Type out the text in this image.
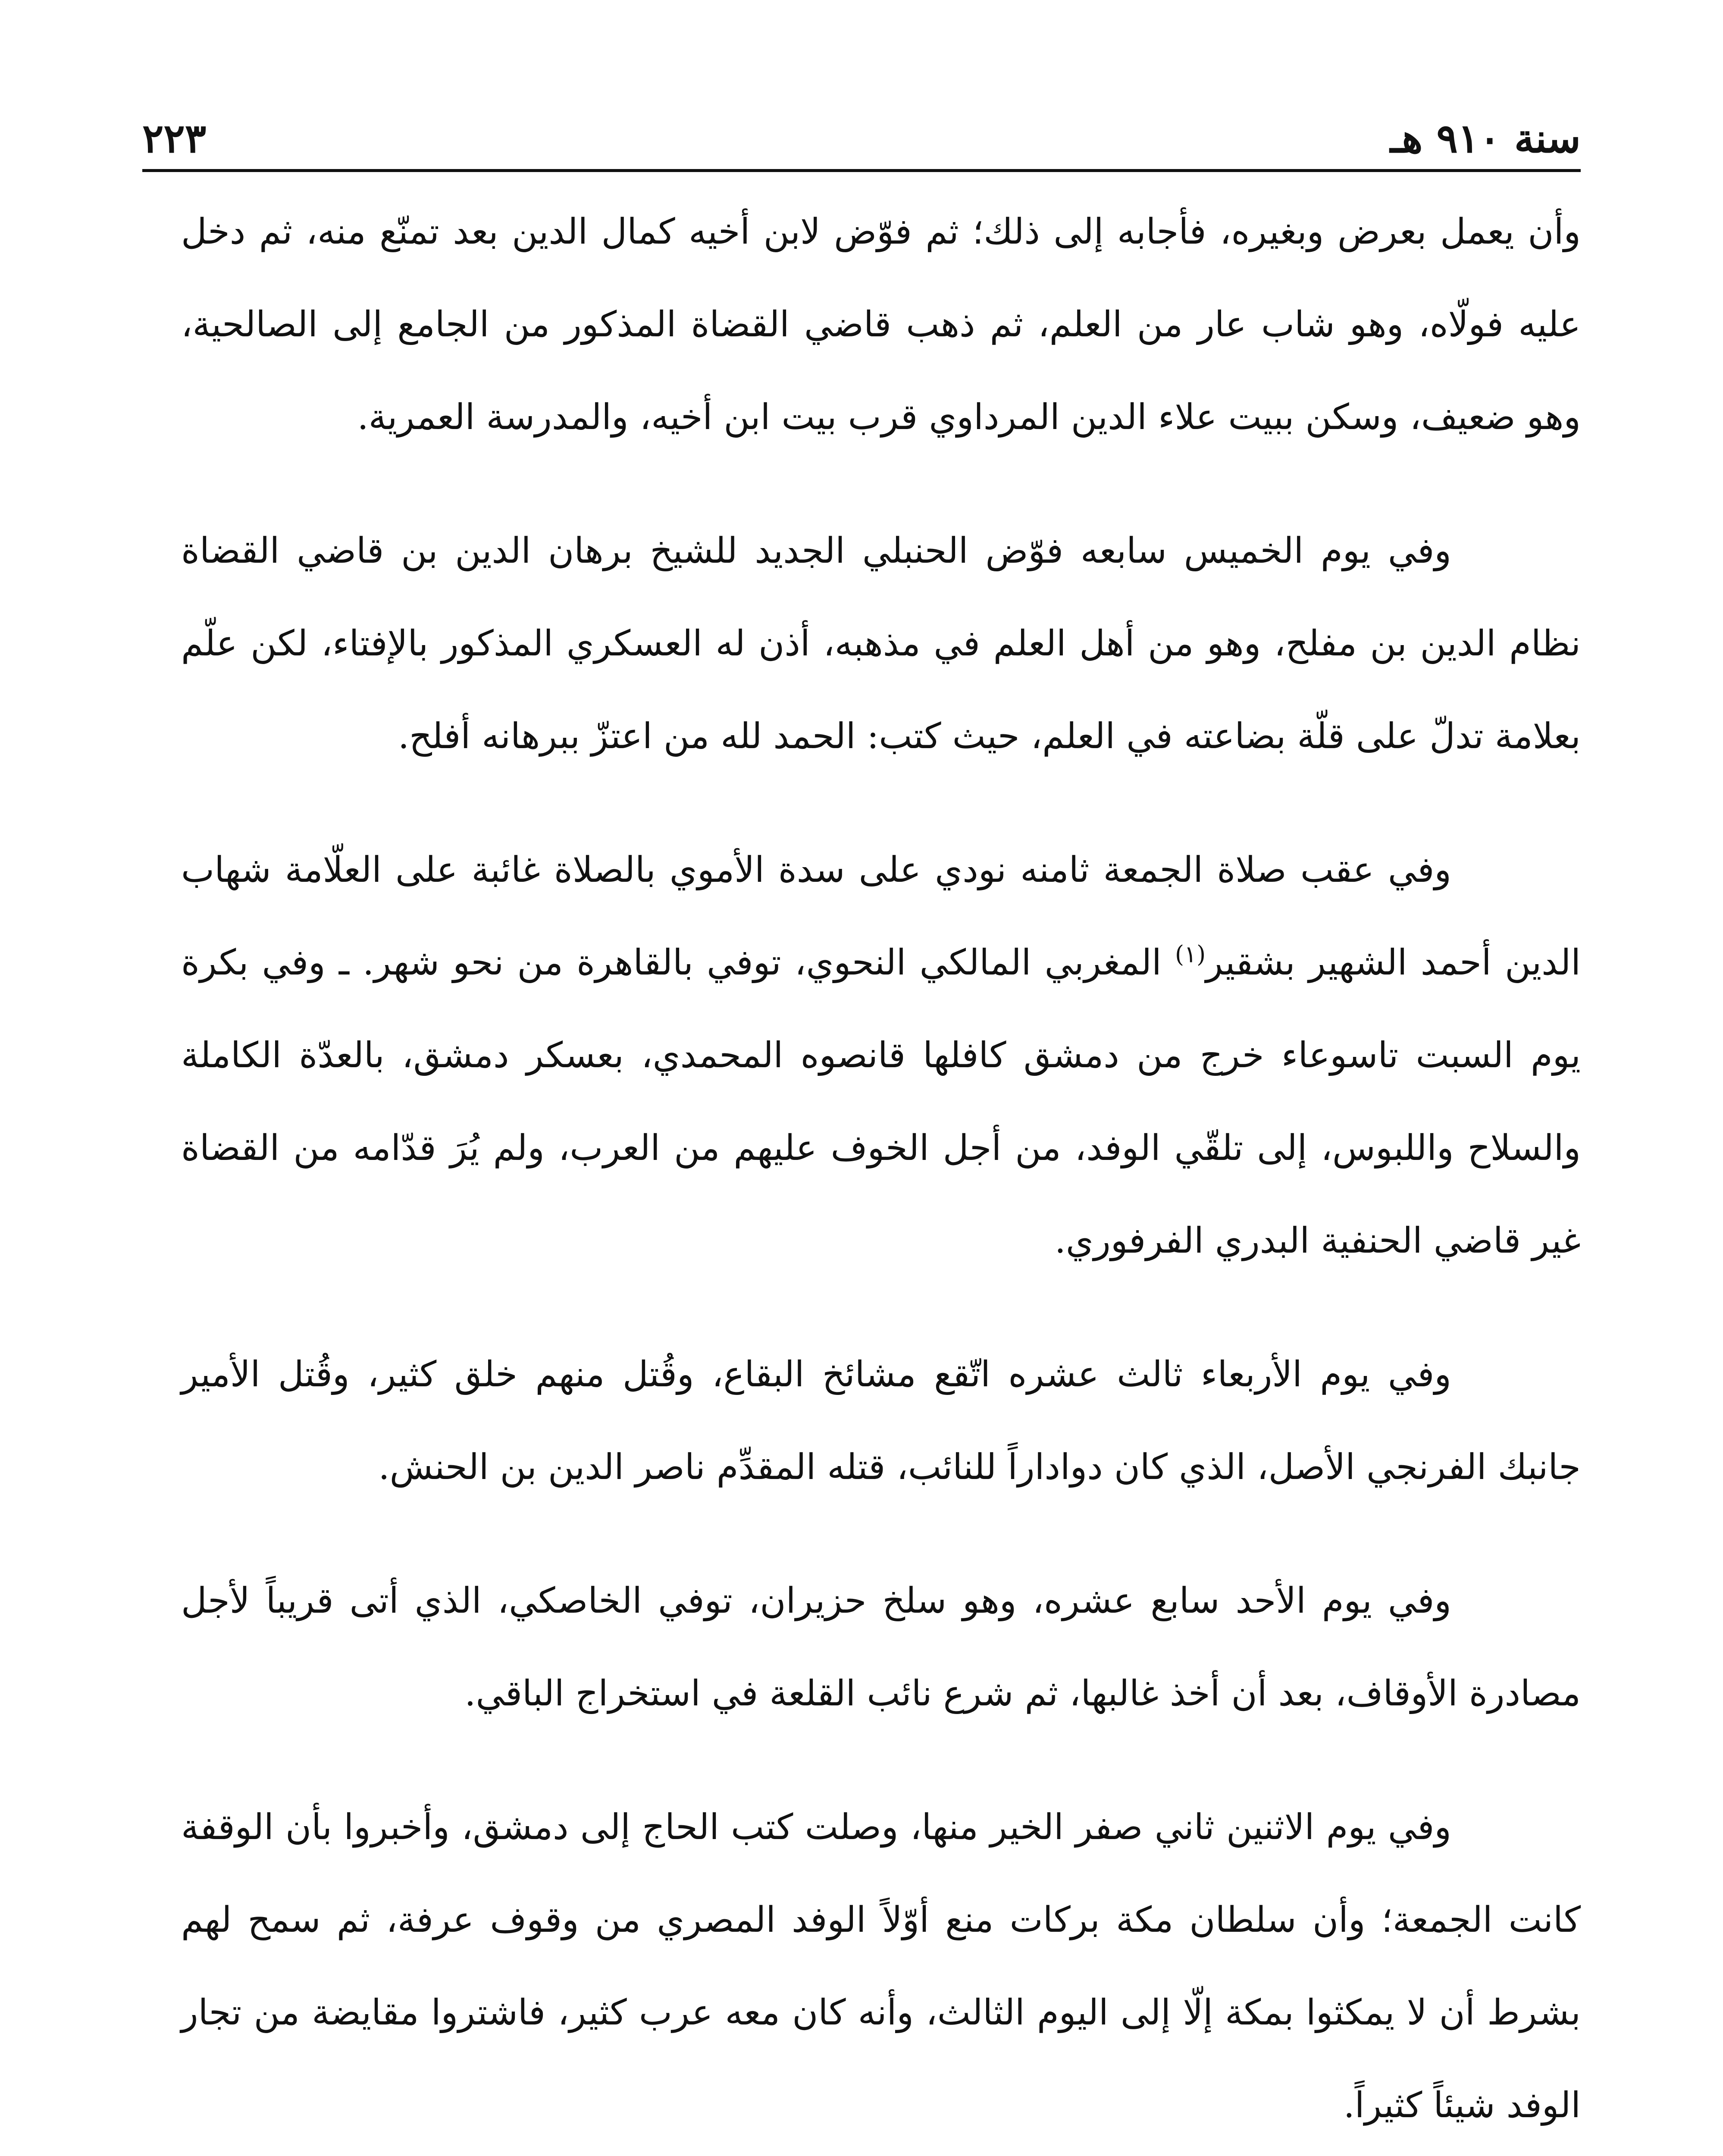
سنة ٩١٠ هـ
٢٢٣

وأن يعمل بعرض وبغيره، فأجابه إلى ذلك؛ ثم فوّض لابن أخيه كمال الدين بعد تمنّع منه، ثم دخل عليه فولّاه، وهو شاب عار من العلم، ثم ذهب قاضي القضاة المذكور من الجامع إلى الصالحية، وهو ضعيف، وسكن ببيت علاء الدين المرداوي قرب بيت ابن أخيه، والمدرسة العمرية.

وفي يوم الخميس سابعه فوّض الحنبلي الجديد للشيخ برهان الدين بن قاضي القضاة نظام الدين بن مفلح، وهو من أهل العلم في مذهبه، أذن له العسكري المذكور بالإفتاء، لكن علّم بعلامة تدلّ على قلّة بضاعته في العلم، حيث كتب: الحمد لله من اعتزّ ببرهانه أفلح.

وفي عقب صلاة الجمعة ثامنه نودي على سدة الأموي بالصلاة غائبة على العلّامة شهاب الدين أحمد الشهير بشقير$^{(١)}$ المغربي المالكي النحوي، توفي بالقاهرة من نحو شهر. ـ وفي بكرة يوم السبت تاسوعاء خرج من دمشق كافلها قانصوه المحمدي، بعسكر دمشق، بالعدّة الكاملة والسلاح واللبوس، إلى تلقّي الوفد، من أجل الخوف عليهم من العرب، ولم يُرَ قدّامه من القضاة غير قاضي الحنفية البدري الفرفوري.

وفي يوم الأربعاء ثالث عشره اتّقع مشائخ البقاع، وقُتل منهم خلق كثير، وقُتل الأمير جانبك الفرنجي الأصل، الذي كان دواداراً للنائب، قتله المقدِّم ناصر الدين بن الحنش.

وفي يوم الأحد سابع عشره، وهو سلخ حزيران، توفي الخاصكي، الذي أتى قريباً لأجل مصادرة الأوقاف، بعد أن أخذ غالبها، ثم شرع نائب القلعة في استخراج الباقي.

وفي يوم الاثنين ثاني صفر الخير منها، وصلت كتب الحاج إلى دمشق، وأخبروا بأن الوقفة كانت الجمعة؛ وأن سلطان مكة بركات منع أوّلاً الوفد المصري من وقوف عرفة، ثم سمح لهم بشرط أن لا يمكثوا بمكة إلّا إلى اليوم الثالث، وأنه كان معه عرب كثير، فاشتروا مقايضة من تجار الوفد شيئاً كثيراً.
